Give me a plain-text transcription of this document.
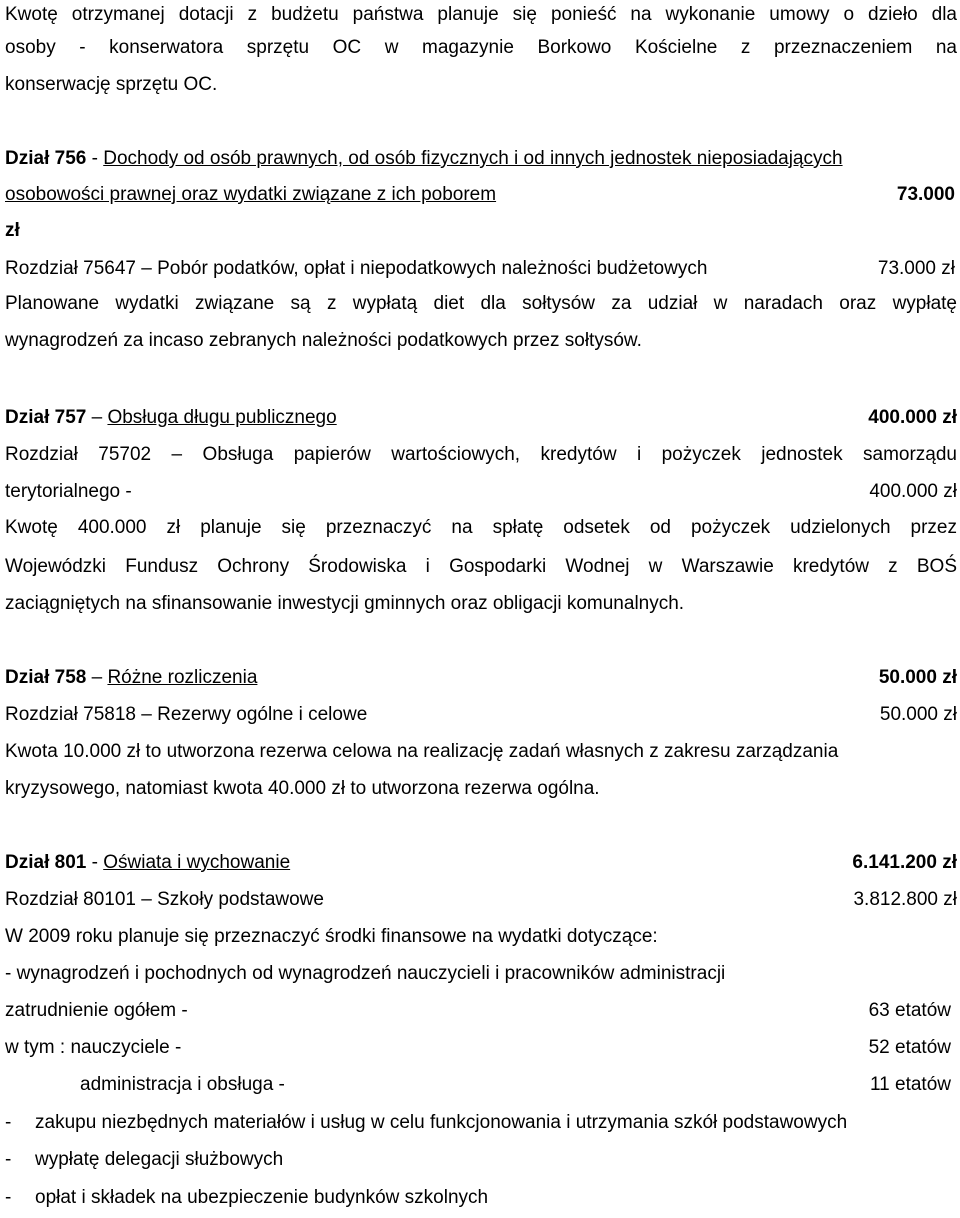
Kwotę otrzymanej dotacji z budżetu państwa planuje się ponieść na wykonanie umowy o dzieło dla
osoby - konserwatora sprzętu OC w magazynie Borkowo Kościelne z przeznaczeniem na
konserwację sprzętu OC.
Dział 756 - Dochody od osób prawnych, od osób fizycznych i od innych jednostek nieposiadających
osobowości prawnej oraz wydatki związane z ich poborem	73.000
zł
Rozdział 75647 – Pobór podatków, opłat i niepodatkowych należności budżetowych	73.000 zł
Planowane wydatki związane są z wypłatą diet dla sołtysów za udział w naradach oraz wypłatę
wynagrodzeń za incaso zebranych należności podatkowych przez sołtysów.
Dział 757 – Obsługa długu publicznego	400.000 zł
Rozdział 75702 – Obsługa papierów wartościowych, kredytów i pożyczek jednostek samorządu
terytorialnego -	400.000 zł
Kwotę 400.000 zł planuje się przeznaczyć na spłatę odsetek od pożyczek udzielonych przez
Wojewódzki Fundusz Ochrony Środowiska i Gospodarki Wodnej w Warszawie kredytów z BOŚ
zaciągniętych na sfinansowanie inwestycji gminnych oraz obligacji komunalnych.
Dział 758 – Różne rozliczenia	50.000 zł
Rozdział 75818 – Rezerwy ogólne i celowe	50.000 zł
Kwota 10.000 zł to utworzona rezerwa celowa na realizację zadań własnych z zakresu zarządzania
kryzysowego, natomiast kwota 40.000 zł to utworzona rezerwa ogólna.
Dział 801 - Oświata i wychowanie	6.141.200 zł
Rozdział 80101 – Szkoły podstawowe	3.812.800 zł
W 2009 roku planuje się przeznaczyć środki finansowe na wydatki dotyczące:
- wynagrodzeń i pochodnych od wynagrodzeń nauczycieli i pracowników administracji
zatrudnienie ogółem -	63 etatów
w tym : nauczyciele -	52 etatów
administracja i obsługa -	11 etatów
- zakupu niezbędnych materiałów i usług w celu funkcjonowania i utrzymania szkół podstawowych
- wypłatę delegacji służbowych
- opłat i składek na ubezpieczenie budynków szkolnych
